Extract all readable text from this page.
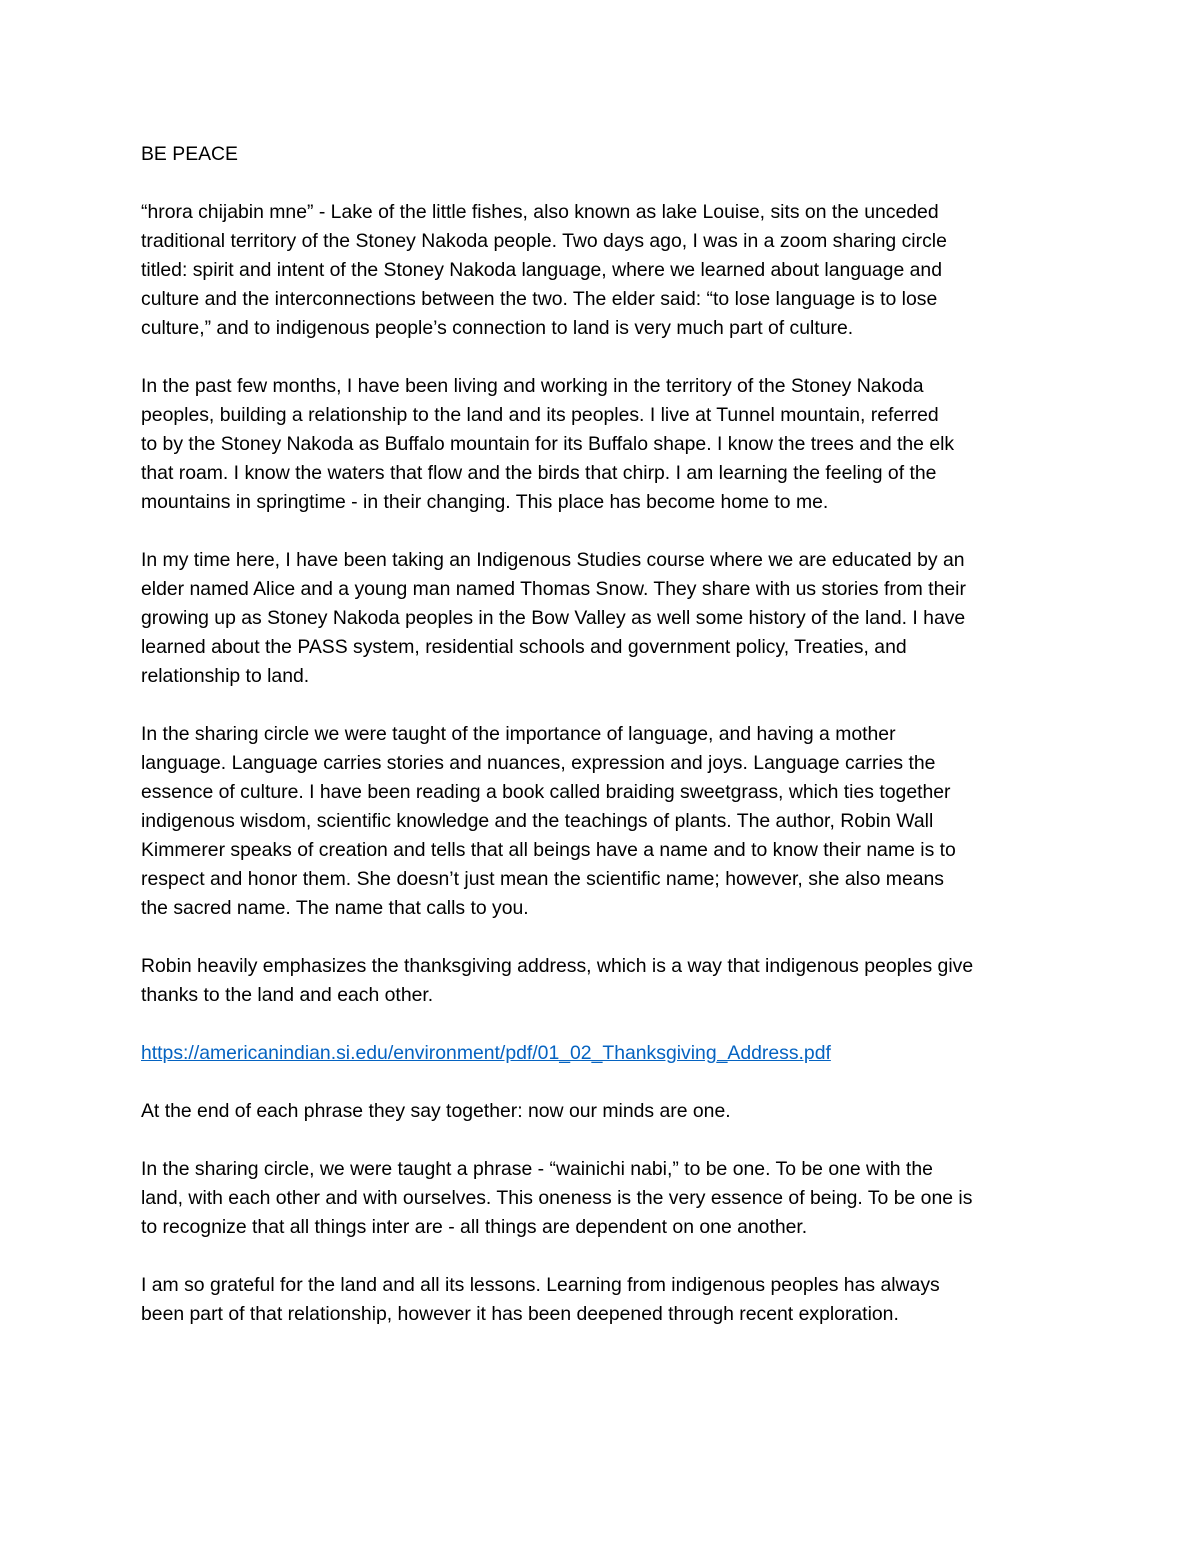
BE PEACE

“hrora chijabin mne” - Lake of the little fishes, also known as lake Louise, sits on the unceded
traditional territory of the Stoney Nakoda people. Two days ago, I was in a zoom sharing circle
titled: spirit and intent of the Stoney Nakoda language, where we learned about language and
culture and the interconnections between the two. The elder said: “to lose language is to lose
culture,” and to indigenous people’s connection to land is very much part of culture.

In the past few months, I have been living and working in the territory of the Stoney Nakoda
peoples, building a relationship to the land and its peoples. I live at Tunnel mountain, referred
to by the Stoney Nakoda as Buffalo mountain for its Buffalo shape. I know the trees and the elk
that roam. I know the waters that flow and the birds that chirp. I am learning the feeling of the
mountains in springtime - in their changing. This place has become home to me.

In my time here, I have been taking an Indigenous Studies course where we are educated by an
elder named Alice and a young man named Thomas Snow. They share with us stories from their
growing up as Stoney Nakoda peoples in the Bow Valley as well some history of the land. I have
learned about the PASS system, residential schools and government policy, Treaties, and
relationship to land.

In the sharing circle we were taught of the importance of language, and having a mother
language. Language carries stories and nuances, expression and joys. Language carries the
essence of culture. I have been reading a book called braiding sweetgrass, which ties together
indigenous wisdom, scientific knowledge and the teachings of plants. The author, Robin Wall
Kimmerer speaks of creation and tells that all beings have a name and to know their name is to
respect and honor them. She doesn’t just mean the scientific name; however, she also means
the sacred name. The name that calls to you.

Robin heavily emphasizes the thanksgiving address, which is a way that indigenous peoples give
thanks to the land and each other.

https://americanindian.si.edu/environment/pdf/01_02_Thanksgiving_Address.pdf

At the end of each phrase they say together: now our minds are one.

In the sharing circle, we were taught a phrase - “wainichi nabi,” to be one. To be one with the
land, with each other and with ourselves. This oneness is the very essence of being. To be one is
to recognize that all things inter are - all things are dependent on one another.

I am so grateful for the land and all its lessons. Learning from indigenous peoples has always
been part of that relationship, however it has been deepened through recent exploration.
